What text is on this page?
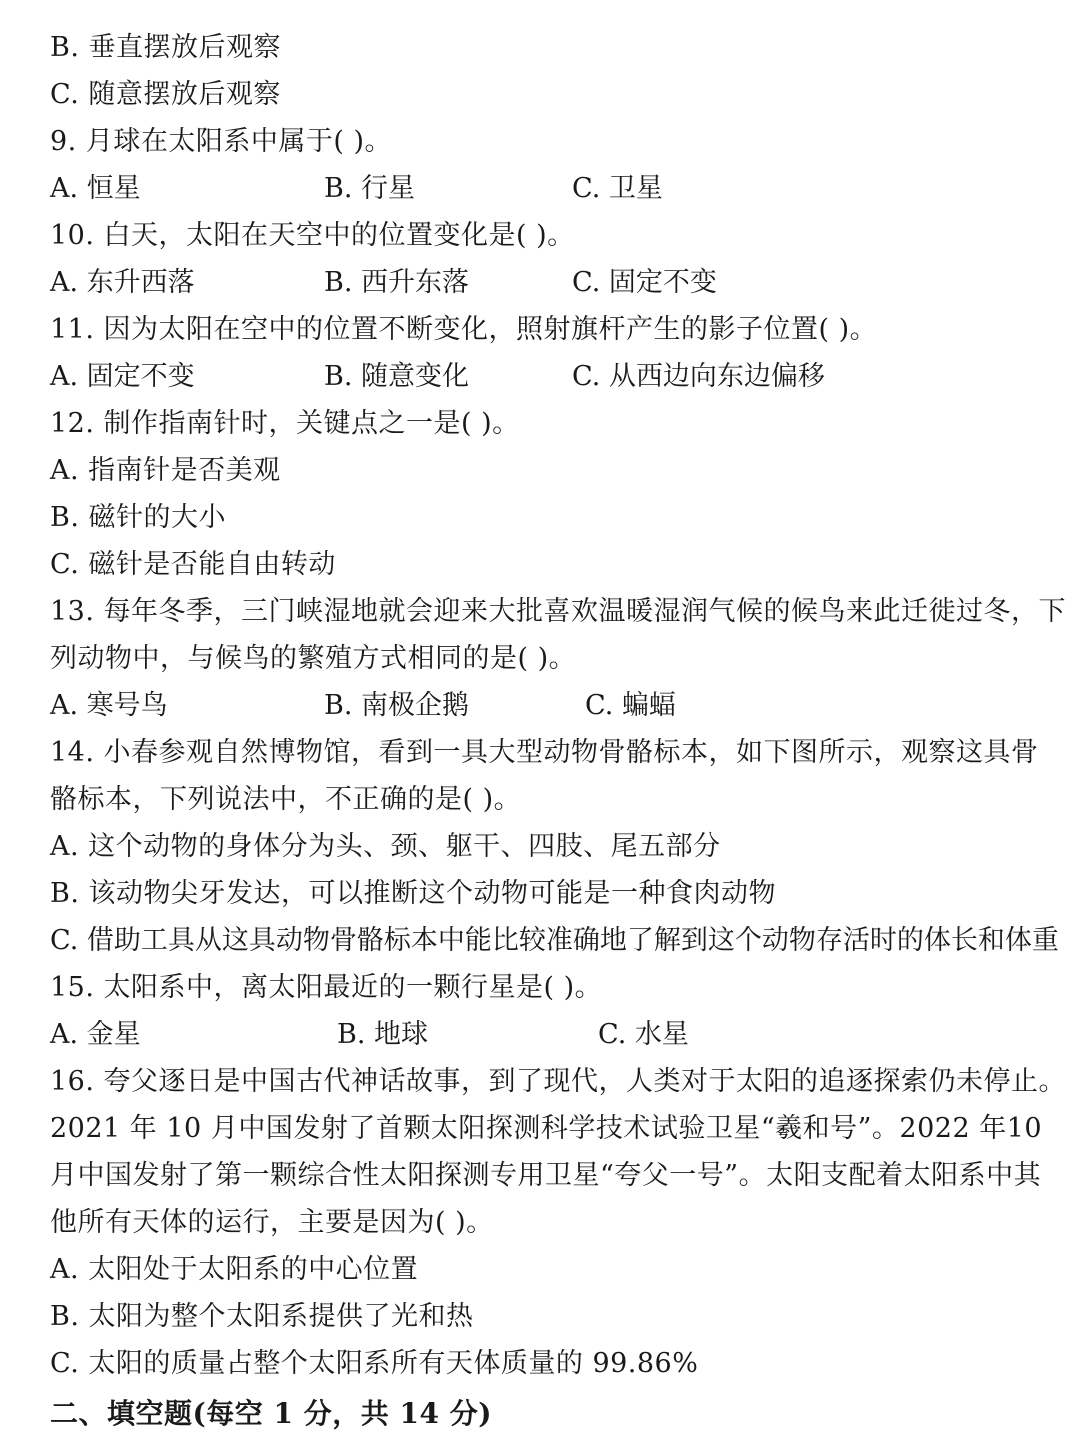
B. 垂直摆放后观察
C. 随意摆放后观察
9. 月球在太阳系中属于( )。
A. 恒星	B. 行星	C. 卫星
10. 白天，太阳在天空中的位置变化是( )。
A. 东升西落	B. 西升东落	C. 固定不变
11. 因为太阳在空中的位置不断变化，照射旗杆产生的影子位置( )。
A. 固定不变	B. 随意变化	C. 从西边向东边偏移
12. 制作指南针时，关键点之一是( )。
A. 指南针是否美观
B. 磁针的大小
C. 磁针是否能自由转动
13. 每年冬季，三门峡湿地就会迎来大批喜欢温暖湿润气候的候鸟来此迁徙过冬，下
列动物中，与候鸟的繁殖方式相同的是( )。
A. 寒号鸟	B. 南极企鹅	C. 蝙蝠
14. 小春参观自然博物馆，看到一具大型动物骨骼标本，如下图所示，观察这具骨
骼标本，下列说法中，不正确的是( )。
A. 这个动物的身体分为头、颈、躯干、四肢、尾五部分
B. 该动物尖牙发达，可以推断这个动物可能是一种食肉动物
C. 借助工具从这具动物骨骼标本中能比较准确地了解到这个动物存活时的体长和体重
15. 太阳系中，离太阳最近的一颗行星是( )。
A. 金星	B. 地球	C. 水星
16. 夸父逐日是中国古代神话故事，到了现代，人类对于太阳的追逐探索仍未停止。
2021 年 10 月中国发射了首颗太阳探测科学技术试验卫星“羲和号”。2022 年10
月中国发射了第一颗综合性太阳探测专用卫星“夸父一号”。太阳支配着太阳系中其
他所有天体的运行，主要是因为( )。
A. 太阳处于太阳系的中心位置
B. 太阳为整个太阳系提供了光和热
C. 太阳的质量占整个太阳系所有天体质量的 99.86%
二、填空题(每空 1 分，共 14 分)
